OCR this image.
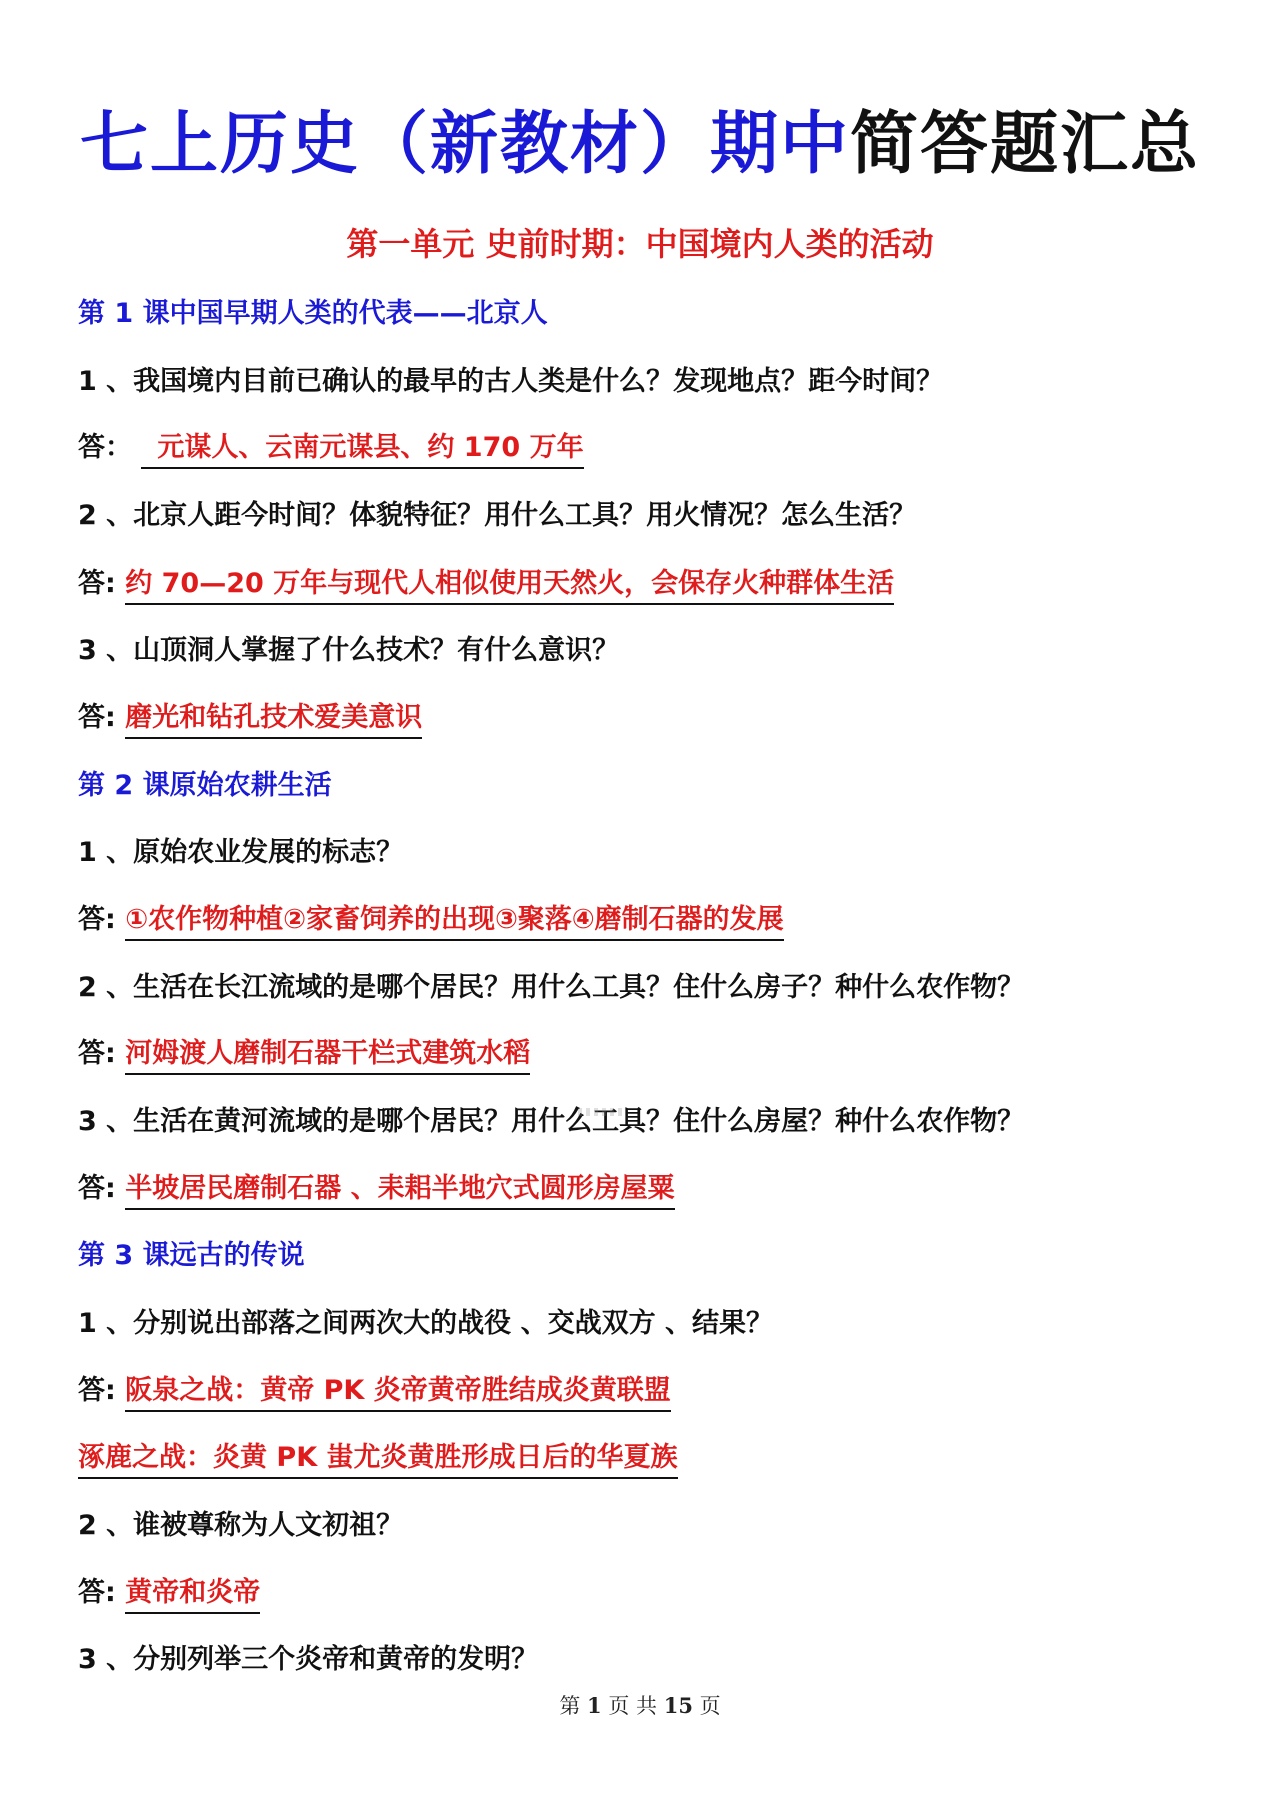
七上历史（新教材）期中简答题汇总
第一单元 史前时期：中国境内人类的活动
第 1 课中国早期人类的代表——北京人
1 、我国境内目前已确认的最早的古人类是什么？发现地点？距今时间？
答： 元谋人、云南元谋县、约 170 万年
2 、北京人距今时间？体貌特征？用什么工具？用火情况？怎么生活？
答: 约 70—20 万年与现代人相似使用天然火，会保存火种群体生活
3 、山顶洞人掌握了什么技术？有什么意识？
答: 磨光和钻孔技术爱美意识
第 2 课原始农耕生活
1 、原始农业发展的标志？
答: ①农作物种植②家畜饲养的出现③聚落④磨制石器的发展
2 、生活在长江流域的是哪个居民？用什么工具？住什么房子？种什么农作物？
答: 河姆渡人磨制石器干栏式建筑水稻
3 、生活在黄河流域的是哪个居民？用什么工具？住什么房屋？种什么农作物？
答: 半坡居民磨制石器 、耒耜半地穴式圆形房屋粟
第 3 课远古的传说
1 、分别说出部落之间两次大的战役 、交战双方 、结果？
答: 阪泉之战：黄帝 PK 炎帝黄帝胜结成炎黄联盟
涿鹿之战：炎黄 PK 蚩尤炎黄胜形成日后的华夏族
2 、谁被尊称为人文初祖？
答: 黄帝和炎帝
3 、分别列举三个炎帝和黄帝的发明？
第 1 页 共 15 页
